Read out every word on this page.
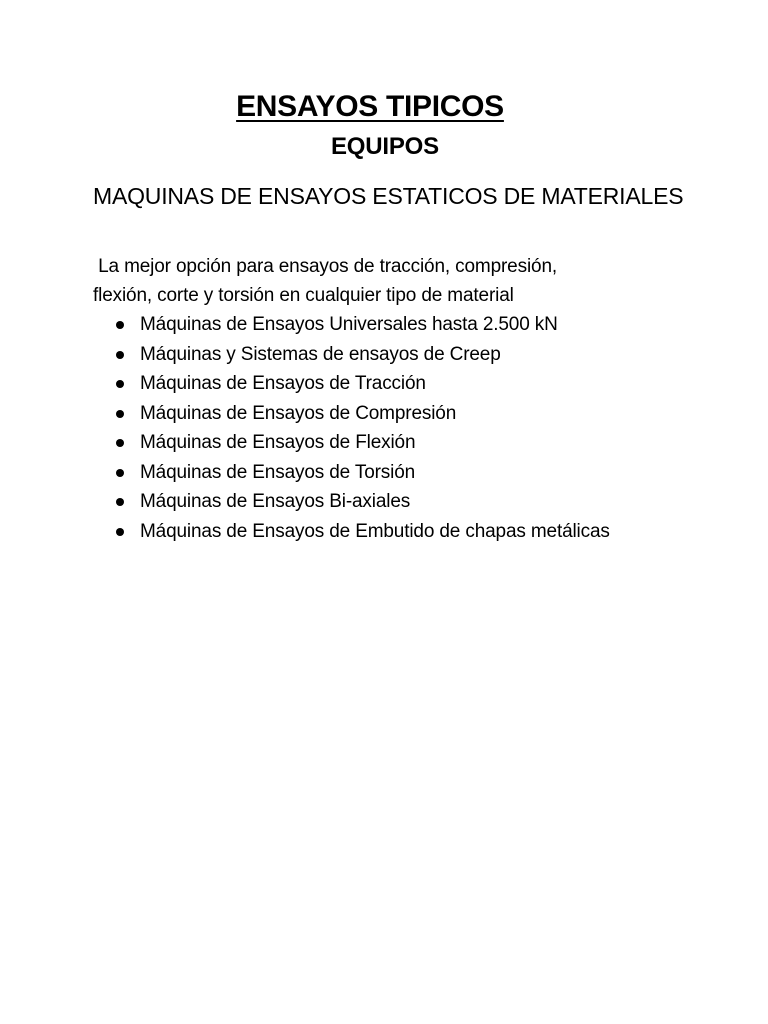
ENSAYOS TIPICOS
EQUIPOS
MAQUINAS DE ENSAYOS ESTATICOS DE MATERIALES

La mejor opción para ensayos de tracción, compresión,
flexión, corte y torsión en cualquier tipo de material

Máquinas de Ensayos Universales hasta 2.500 kN
Máquinas y Sistemas de ensayos de Creep
Máquinas de Ensayos de Tracción
Máquinas de Ensayos de Compresión
Máquinas de Ensayos de Flexión
Máquinas de Ensayos de Torsión
Máquinas de Ensayos Bi-axiales
Máquinas de Ensayos de Embutido de chapas metálicas
